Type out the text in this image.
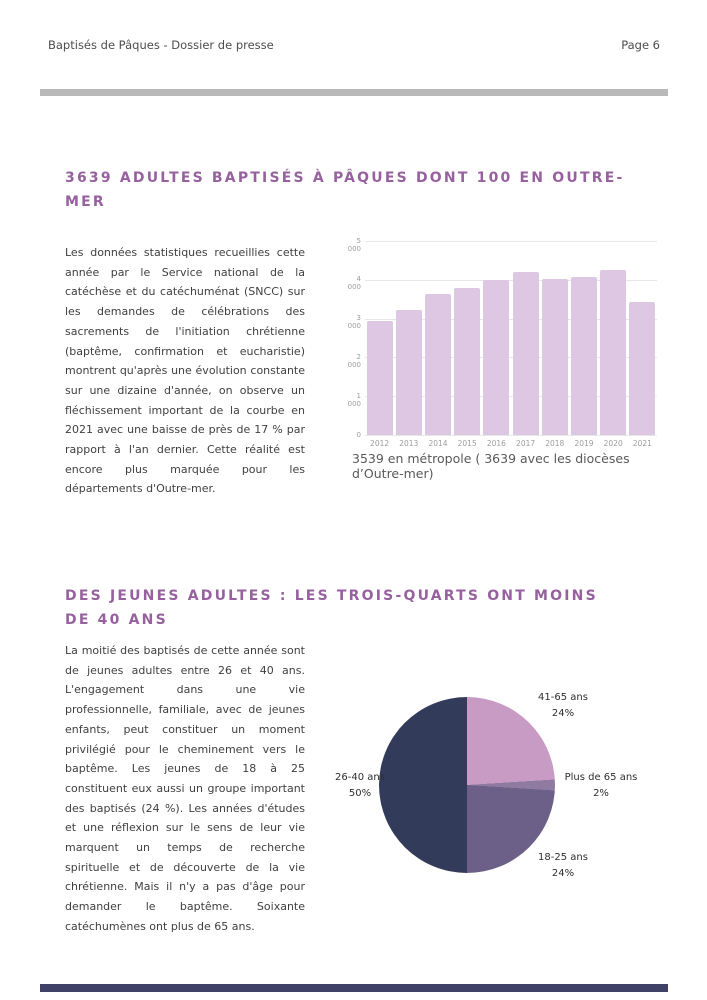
Baptisés de Pâques - Dossier de presse	Page 6
3639 ADULTES BAPTISÉS À PÂQUES DONT 100 EN OUTRE-MER
Les données statistiques recueillies cette année par le Service national de la catéchèse et du catéchuménat (SNCC) sur les demandes de célébrations des sacrements de l'initiation chrétienne (baptême, confirmation et eucharistie) montrent qu'après une évolution constante sur une dizaine d'année, on observe un fléchissement important de la courbe en 2021 avec une baisse de près de 17 % par rapport à l'an dernier. Cette réalité est encore plus marquée pour les départements d'Outre-mer.
5 000
4 000
3 000
2 000
1 000
0
2012	2013	2014	2015	2016	2017	2018	2019	2020	2021
3539 en métropole ( 3639 avec les diocèses d’Outre-mer)
DES JEUNES ADULTES : LES TROIS-QUARTS ONT MOINS DE 40 ANS
La moitié des baptisés de cette année sont de jeunes adultes entre 26 et 40 ans. L'engagement dans une vie professionnelle, familiale, avec de jeunes enfants, peut constituer un moment privilégié pour le cheminement vers le baptême. Les jeunes de 18 à 25 constituent eux aussi un groupe important des baptisés (24 %). Les années d'études et une réflexion sur le sens de leur vie marquent un temps de recherche spirituelle et de découverte de la vie chrétienne. Mais il n'y a pas d'âge pour demander le baptême. Soixante catéchumènes ont plus de 65 ans.
41-65 ans
24%
Plus de 65 ans
2%
18-25 ans
24%
26-40 ans
50%
